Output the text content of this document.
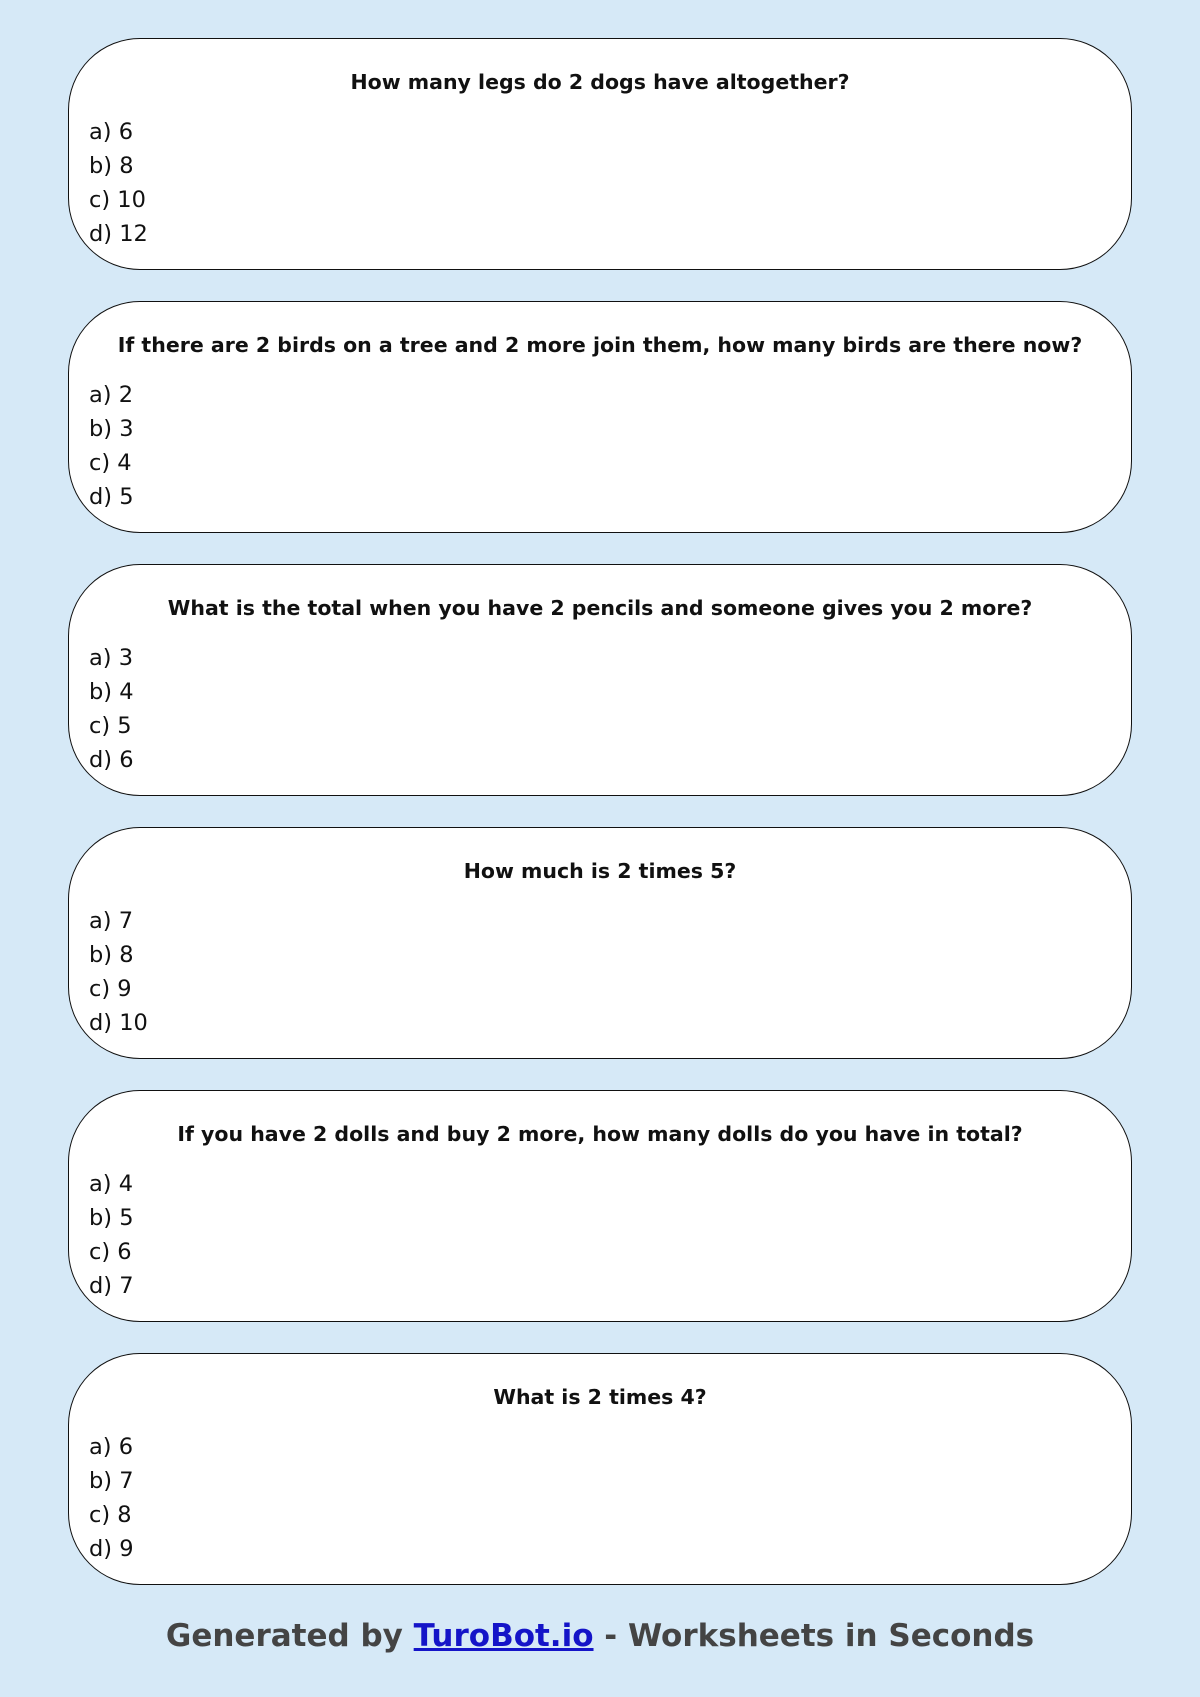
How many legs do 2 dogs have altogether?

a) 6
b) 8
c) 10
d) 12

If there are 2 birds on a tree and 2 more join them, how many birds are there now?

a) 2
b) 3
c) 4
d) 5

What is the total when you have 2 pencils and someone gives you 2 more?

a) 3
b) 4
c) 5
d) 6

How much is 2 times 5?

a) 7
b) 8
c) 9
d) 10

If you have 2 dolls and buy 2 more, how many dolls do you have in total?

a) 4
b) 5
c) 6
d) 7

What is 2 times 4?

a) 6
b) 7
c) 8
d) 9
Generated by TuroBot.io - Worksheets in Seconds
